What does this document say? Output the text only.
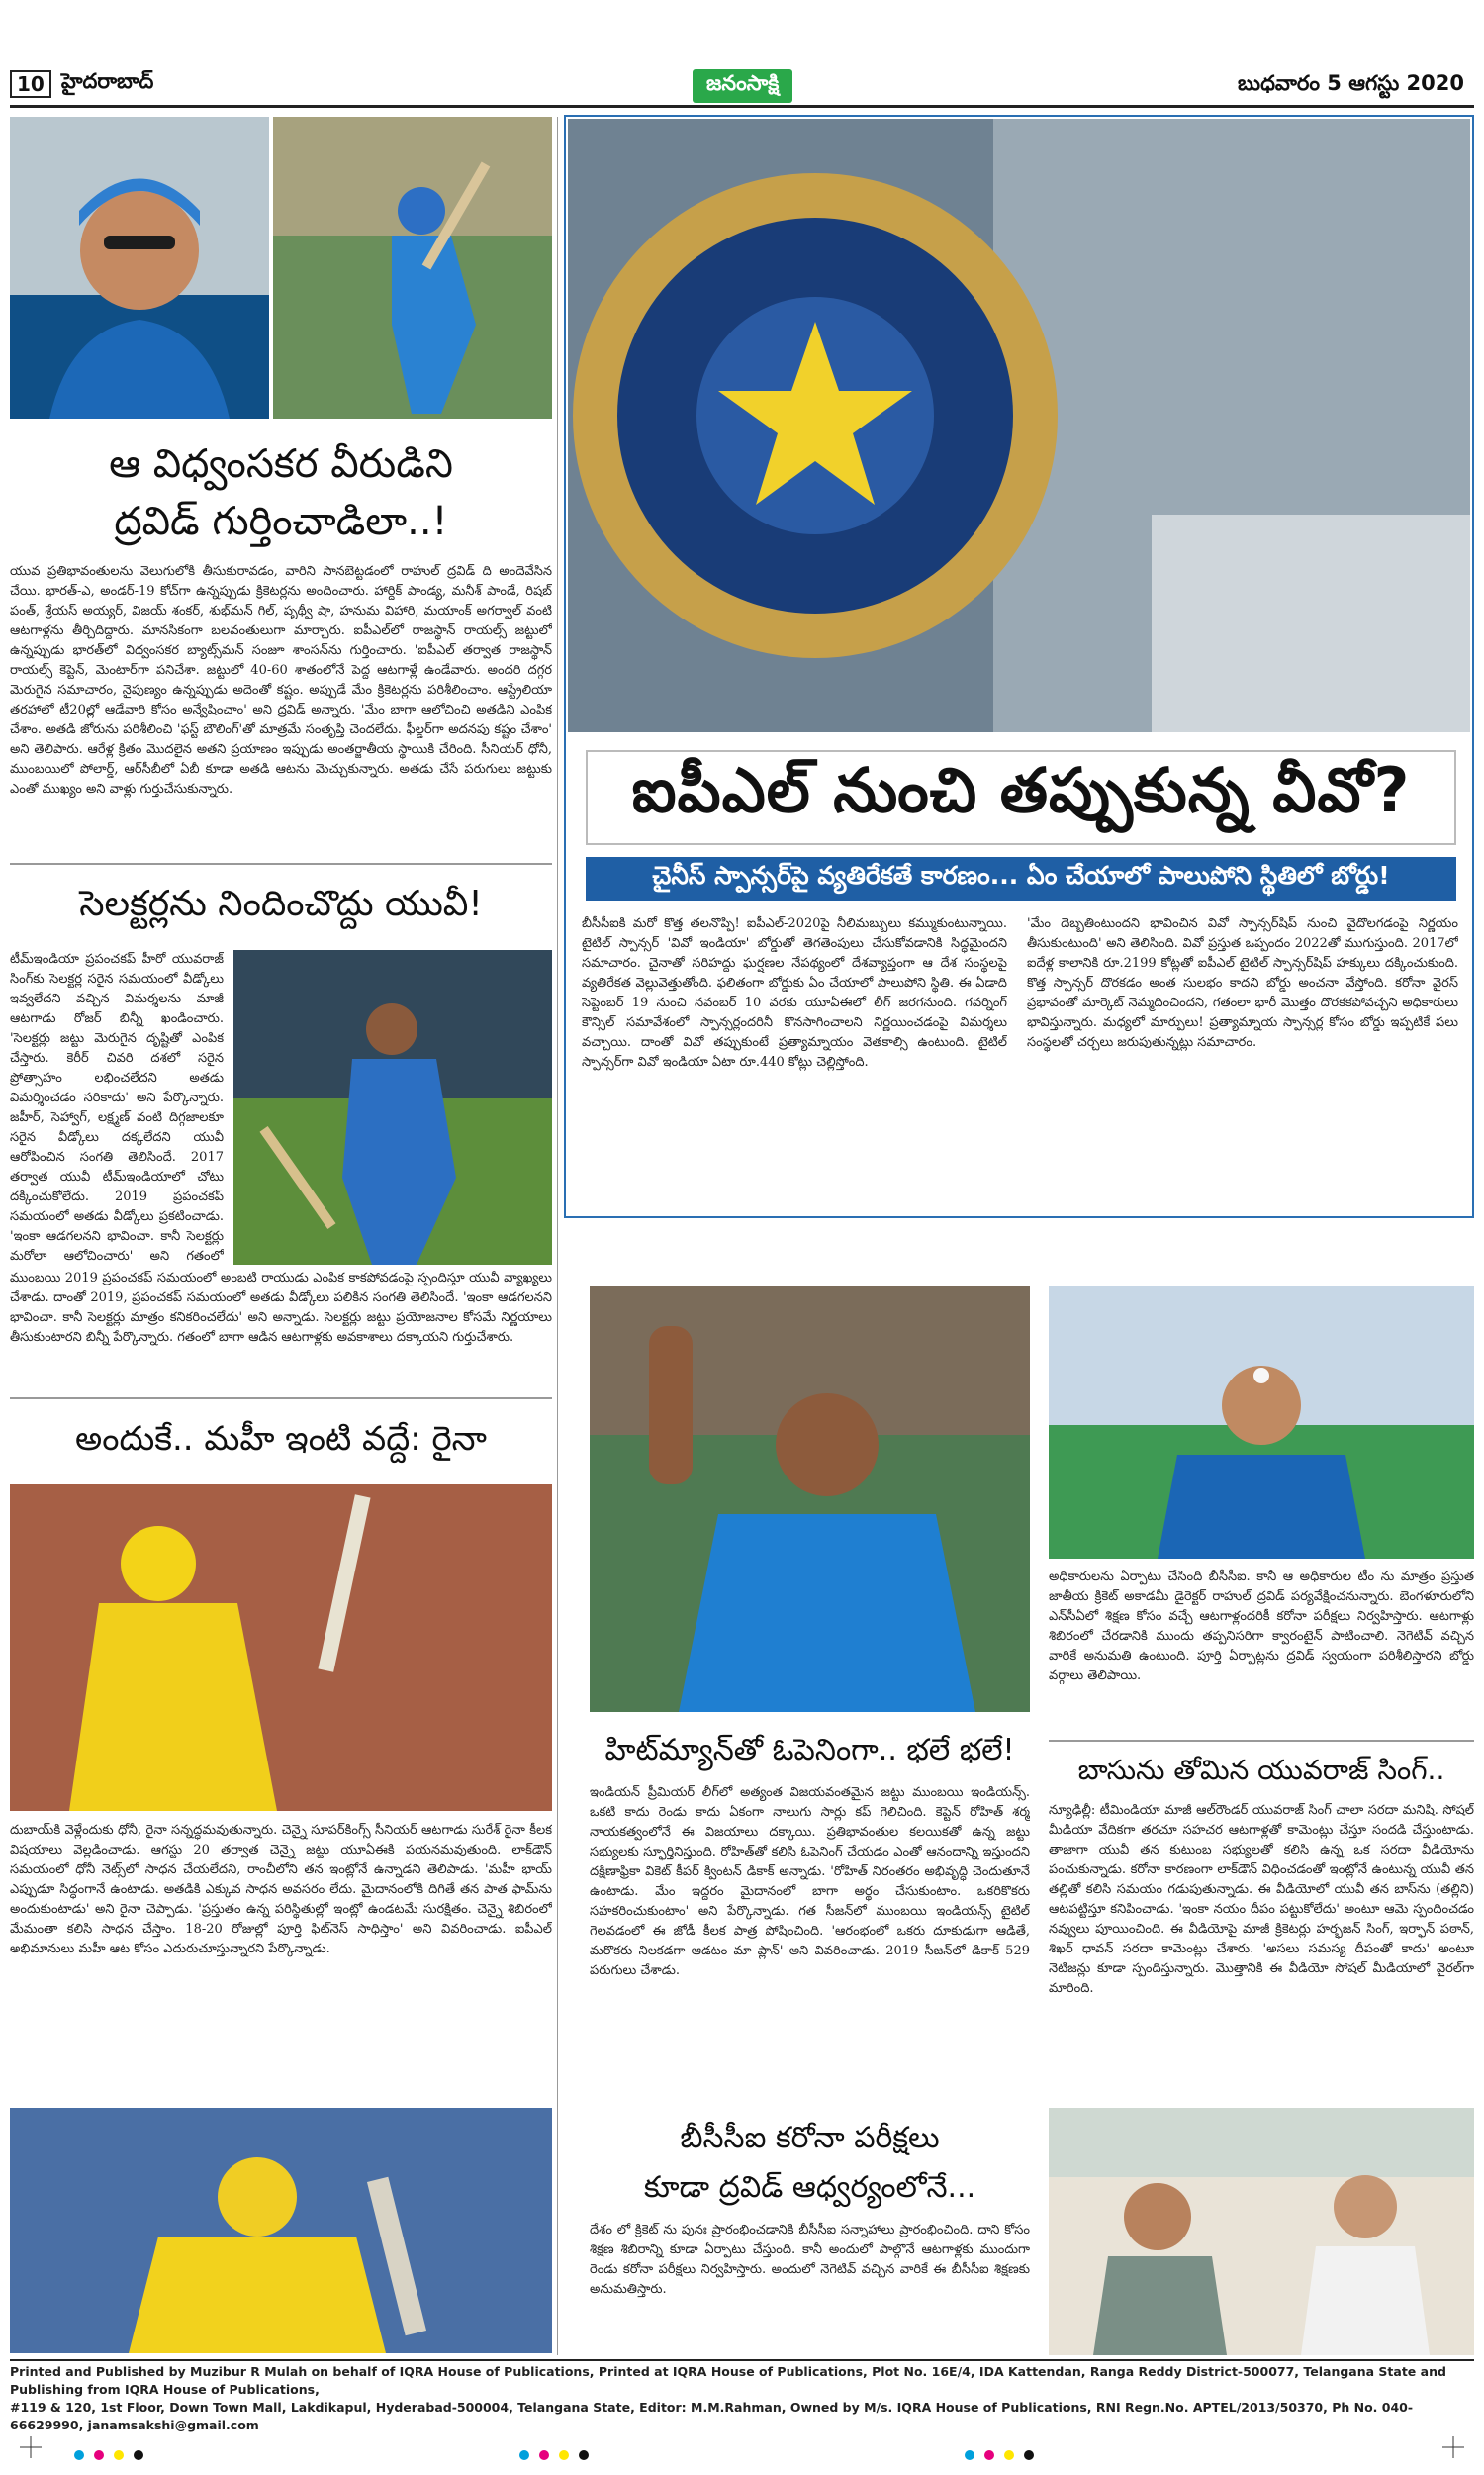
10 హైదరాబాద్	జనంసాక్షి	బుధవారం 5 ఆగస్టు 2020
ఆ విధ్వంసకర వీరుడిని
ద్రవిడ్ గుర్తించాడిలా..!
యువ ప్రతిభావంతులను వెలుగులోకి తీసుకురావడం, వారిని సానబెట్టడంలో రాహుల్ ద్రవిడ్ ది అందెవేసిన చేయి. భారత్‌-ఎ, అండర్‌-19 కోచ్‌గా ఉన్నప్పుడు క్రికెటర్లను అందించారు. హార్దిక్ పాండ్య, మనీశ్ పాండే, రిషబ్ పంత్, శ్రేయస్ అయ్యర్, విజయ్ శంకర్, శుభ్‌మన్ గిల్, పృథ్వీ షా, హనుమ విహారి, మయాంక్ అగర్వాల్ వంటి ఆటగాళ్లను తీర్చిదిద్దారు. మానసికంగా బలవంతులుగా మార్చారు. ఐపీఎల్‌లో రాజస్థాన్ రాయల్స్ జట్టులో ఉన్నప్పుడు భారత్‌లో విధ్వంసకర బ్యాట్స్‌మన్ సంజూ శాంసన్‌ను గుర్తించారు. 'ఐపీఎల్ తర్వాత రాజస్థాన్ రాయల్స్ కెప్టెన్, మెంటార్‌గా పనిచేశా. జట్టులో 40-60 శాతంలోనే పెద్ద ఆటగాళ్లే ఉండేవారు. అందరి దగ్గర మెరుగైన సమాచారం, నైపుణ్యం ఉన్నప్పుడు అదెంతో కష్టం. అప్పుడే మేం క్రికెటర్లను పరిశీలించాం. ఆస్ట్రేలియా తరహాలో టీ20ల్లో ఆడేవారి కోసం అన్వేషించాం' అని ద్రవిడ్ అన్నారు. 'మేం బాగా ఆలోచించి అతడిని ఎంపిక చేశాం. అతడి జోరును పరిశీలించి 'ఫస్ట్ బౌలింగ్‌'తో మాత్రమే సంతృప్తి చెందలేదు. ఫీల్డర్‌గా అదనపు కష్టం చేశాం' అని తెలిపారు. ఆరేళ్ల క్రితం మొదలైన అతని ప్రయాణం ఇప్పుడు అంతర్జాతీయ స్థాయికి చేరింది. సీనియర్ ధోనీ, ముంబయిలో పోలార్డ్, ఆర్‌సీబీలో ఏబీ కూడా అతడి ఆటను మెచ్చుకున్నారు. అతడు చేసే పరుగులు జట్టుకు ఎంతో ముఖ్యం అని వాళ్లు గుర్తుచేసుకున్నారు.
సెలక్టర్లను నిందించొద్దు యువీ!
టీమ్‌ఇండియా ప్రపంచకప్ హీరో యువరాజ్ సింగ్‌కు సెలక్టర్ల సరైన సమయంలో వీడ్కోలు ఇవ్వలేదని వచ్చిన విమర్శలను మాజీ ఆటగాడు రోజర్ బిన్నీ ఖండించారు. 'సెలక్టర్లు జట్టు మెరుగైన దృష్టితో ఎంపిక చేస్తారు. కెరీర్ చివరి దశలో సరైన ప్రోత్సాహం లభించలేదని అతడు విమర్శించడం సరికాదు' అని పేర్కొన్నారు. జహీర్, సెహ్వాగ్, లక్ష్మణ్ వంటి దిగ్గజాలకూ సరైన వీడ్కోలు దక్కలేదని యువీ ఆరోపించిన సంగతి తెలిసిందే. 2017 తర్వాత యువీ టీమ్‌ఇండియాలో చోటు దక్కించుకోలేదు. 2019 ప్రపంచకప్ సమయంలో అతడు వీడ్కోలు ప్రకటించాడు. 'ఇంకా ఆడగలనని భావించా. కానీ సెలక్టర్లు మరోలా ఆలోచించారు' అని గతంలో
ముంబయి 2019 ప్రపంచకప్ సమయంలో అంబటి రాయుడు ఎంపిక కాకపోవడంపై స్పందిస్తూ యువీ వ్యాఖ్యలు చేశాడు. దాంతో 2019, ప్రపంచకప్ సమయంలో అతడు వీడ్కోలు పలికిన సంగతి తెలిసిందే. 'ఇంకా ఆడగలనని భావించా. కానీ సెలక్టర్లు మాత్రం కనికరించలేదు' అని అన్నాడు. సెలక్టర్లు జట్టు ప్రయోజనాల కోసమే నిర్ణయాలు తీసుకుంటారని బిన్నీ పేర్కొన్నారు. గతంలో బాగా ఆడిన ఆటగాళ్లకు అవకాశాలు దక్కాయని గుర్తుచేశారు.
అందుకే.. మహీ ఇంటి వద్దే: రైనా
దుబాయ్‌కి వెళ్లేందుకు ధోనీ, రైనా సన్నద్ధమవుతున్నారు. చెన్నై సూపర్‌కింగ్స్ సీనియర్ ఆటగాడు సురేశ్ రైనా కీలక విషయాలు వెల్లడించాడు. ఆగస్టు 20 తర్వాత చెన్నై జట్టు యూఏఈకి పయనమవుతుంది. లాక్‌డౌన్ సమయంలో ధోనీ నెట్స్‌లో సాధన చేయలేదని, రాంచీలోని తన ఇంట్లోనే ఉన్నాడని తెలిపాడు. 'మహీ భాయ్ ఎప్పుడూ సిద్ధంగానే ఉంటాడు. అతడికి ఎక్కువ సాధన అవసరం లేదు. మైదానంలోకి దిగితే తన పాత ఫామ్‌ను అందుకుంటాడు' అని రైనా చెప్పాడు. 'ప్రస్తుతం ఉన్న పరిస్థితుల్లో ఇంట్లో ఉండటమే సురక్షితం. చెన్నై శిబిరంలో మేమంతా కలిసి సాధన చేస్తాం. 18-20 రోజుల్లో పూర్తి ఫిట్‌నెస్ సాధిస్తాం' అని వివరించాడు. ఐపీఎల్ అభిమానులు మహీ ఆట కోసం ఎదురుచూస్తున్నారని పేర్కొన్నాడు.
ఐపీఎల్ నుంచి తప్పుకున్న వీవో?
చైనీస్ స్పాన్సర్‌పై వ్యతిరేకతే కారణం... ఏం చేయాలో పాలుపోని స్థితిలో బోర్డు!
బీసీసీఐకి మరో కొత్త తలనొప్పి! ఐపీఎల్-2020పై నీలిమబ్బులు కమ్ముకుంటున్నాయి. టైటిల్ స్పాన్సర్ 'వివో ఇండియా' బోర్డుతో తెగతెంపులు చేసుకోవడానికి సిద్ధమైందని సమాచారం. చైనాతో సరిహద్దు ఘర్షణల నేపథ్యంలో దేశవ్యాప్తంగా ఆ దేశ సంస్థలపై వ్యతిరేకత వెల్లువెత్తుతోంది. ఫలితంగా బోర్డుకు ఏం చేయాలో పాలుపోని స్థితి. ఈ ఏడాది సెప్టెంబర్ 19 నుంచి నవంబర్ 10 వరకు యూఏఈలో లీగ్ జరగనుంది. గవర్నింగ్ కౌన్సిల్ సమావేశంలో స్పాన్సర్లందరినీ కొనసాగించాలని నిర్ణయించడంపై విమర్శలు వచ్చాయి. దాంతో వివో తప్పుకుంటే ప్రత్యామ్నాయం వెతకాల్సి ఉంటుంది. టైటిల్ స్పాన్సర్‌గా వివో ఇండియా ఏటా రూ.440 కోట్లు చెల్లిస్తోంది.
'మేం దెబ్బతింటుందని భావించిన వివో స్పాన్సర్‌షిప్ నుంచి వైదొలగడంపై నిర్ణయం తీసుకుంటుంది' అని తెలిసింది. వివో ప్రస్తుత ఒప్పందం 2022తో ముగుస్తుంది. 2017లో ఐదేళ్ల కాలానికి రూ.2199 కోట్లతో ఐపీఎల్ టైటిల్ స్పాన్సర్‌షిప్ హక్కులు దక్కించుకుంది. కొత్త స్పాన్సర్ దొరకడం అంత సులభం కాదని బోర్డు అంచనా వేస్తోంది. కరోనా వైరస్ ప్రభావంతో మార్కెట్ నెమ్మదించిందని, గతంలా భారీ మొత్తం దొరకకపోవచ్చని అధికారులు భావిస్తున్నారు. మధ్యలో మార్పులు! ప్రత్యామ్నాయ స్పాన్సర్ల కోసం బోర్డు ఇప్పటికే పలు సంస్థలతో చర్చలు జరుపుతున్నట్లు సమాచారం.
హిట్‌మ్యాన్‌తో ఓపెనింగా.. భలే భలే!
ఇండియన్ ప్రీమియర్ లీగ్‌లో అత్యంత విజయవంతమైన జట్టు ముంబయి ఇండియన్స్. ఒకటి కాదు రెండు కాదు ఏకంగా నాలుగు సార్లు కప్ గెలిచింది. కెప్టెన్ రోహిత్ శర్మ నాయకత్వంలోనే ఈ విజయాలు దక్కాయి. ప్రతిభావంతుల కలయికతో ఉన్న జట్టు సభ్యులకు స్ఫూర్తినిస్తుంది. రోహిత్‌తో కలిసి ఓపెనింగ్ చేయడం ఎంతో ఆనందాన్ని ఇస్తుందని దక్షిణాఫ్రికా వికెట్ కీపర్ క్వింటన్ డికాక్ అన్నాడు. 'రోహిత్ నిరంతరం అభివృద్ధి చెందుతూనే ఉంటాడు. మేం ఇద్దరం మైదానంలో బాగా అర్థం చేసుకుంటాం. ఒకరికొకరు సహకరించుకుంటాం' అని పేర్కొన్నాడు. గత సీజన్‌లో ముంబయి ఇండియన్స్ టైటిల్ గెలవడంలో ఈ జోడీ కీలక పాత్ర పోషించింది. 'ఆరంభంలో ఒకరు దూకుడుగా ఆడితే, మరొకరు నిలకడగా ఆడటం మా ప్లాన్' అని వివరించాడు. 2019 సీజన్‌లో డికాక్ 529 పరుగులు చేశాడు.
అధికారులను ఏర్పాటు చేసింది బీసీసీఐ. కానీ ఆ అధికారుల టీం ను మాత్రం ప్రస్తుత జాతీయ క్రికెట్ అకాడమీ డైరెక్టర్ రాహుల్ ద్రవిడ్ పర్యవేక్షించనున్నారు. బెంగళూరులోని ఎన్‌సీఏలో శిక్షణ కోసం వచ్చే ఆటగాళ్లందరికీ కరోనా పరీక్షలు నిర్వహిస్తారు. ఆటగాళ్లు శిబిరంలో చేరడానికి ముందు తప్పనిసరిగా క్వారంటైన్ పాటించాలి. నెగెటివ్ వచ్చిన వారికే అనుమతి ఉంటుంది. పూర్తి ఏర్పాట్లను ద్రవిడ్ స్వయంగా పరిశీలిస్తారని బోర్డు వర్గాలు తెలిపాయి.
బాసును తోమిన యువరాజ్ సింగ్..
న్యూఢిల్లీ: టీమిండియా మాజీ ఆల్‌రౌండర్ యువరాజ్ సింగ్ చాలా సరదా మనిషి. సోషల్ మీడియా వేదికగా తరచూ సహచర ఆటగాళ్లతో కామెంట్లు చేస్తూ సందడి చేస్తుంటాడు. తాజాగా యువీ తన కుటుంబ సభ్యులతో కలిసి ఉన్న ఒక సరదా వీడియోను పంచుకున్నాడు. కరోనా కారణంగా లాక్‌డౌన్ విధించడంతో ఇంట్లోనే ఉంటున్న యువీ తన తల్లితో కలిసి సమయం గడుపుతున్నాడు. ఈ వీడియోలో యువీ తన బాస్‌ను (తల్లిని) ఆటపట్టిస్తూ కనిపించాడు. 'ఇంకా నయం దీపం పట్టుకోలేదు' అంటూ ఆమె స్పందించడం నవ్వులు పూయించింది. ఈ వీడియోపై మాజీ క్రికెటర్లు హర్భజన్ సింగ్, ఇర్ఫాన్ పఠాన్, శిఖర్ ధావన్ సరదా కామెంట్లు చేశారు. 'అసలు సమస్య దీపంతో కాదు' అంటూ నెటిజన్లు కూడా స్పందిస్తున్నారు. మొత్తానికి ఈ వీడియో సోషల్ మీడియాలో వైరల్‌గా మారింది.
బీసీసీఐ కరోనా పరీక్షలు
కూడా ద్రవిడ్ ఆధ్వర్యంలోనే...
దేశం లో క్రికెట్ ను పునః ప్రారంభించడానికి బీసీసీఐ సన్నాహాలు ప్రారంభించింది. దాని కోసం శిక్షణ శిబిరాన్ని కూడా ఏర్పాటు చేస్తుంది. కానీ అందులో పాల్గొనే ఆటగాళ్లకు ముందుగా రెండు కరోనా పరీక్షలు నిర్వహిస్తారు. అందులో నెగెటివ్ వచ్చిన వారికే ఈ బీసీసీఐ శిక్షణకు అనుమతిస్తారు.
Printed and Published by Muzibur R Mulah on behalf of IQRA House of Publications, Printed at IQRA House of Publications, Plot No. 16E/4, IDA Kattendan, Ranga Reddy District-500077, Telangana State and Publishing from IQRA House of Publications,
#119 & 120, 1st Floor, Down Town Mall, Lakdikapul, Hyderabad-500004, Telangana State, Editor: M.M.Rahman, Owned by M/s. IQRA House of Publications, RNI Regn.No. APTEL/2013/50370, Ph No. 040-66629990, janamsakshi@gmail.com
